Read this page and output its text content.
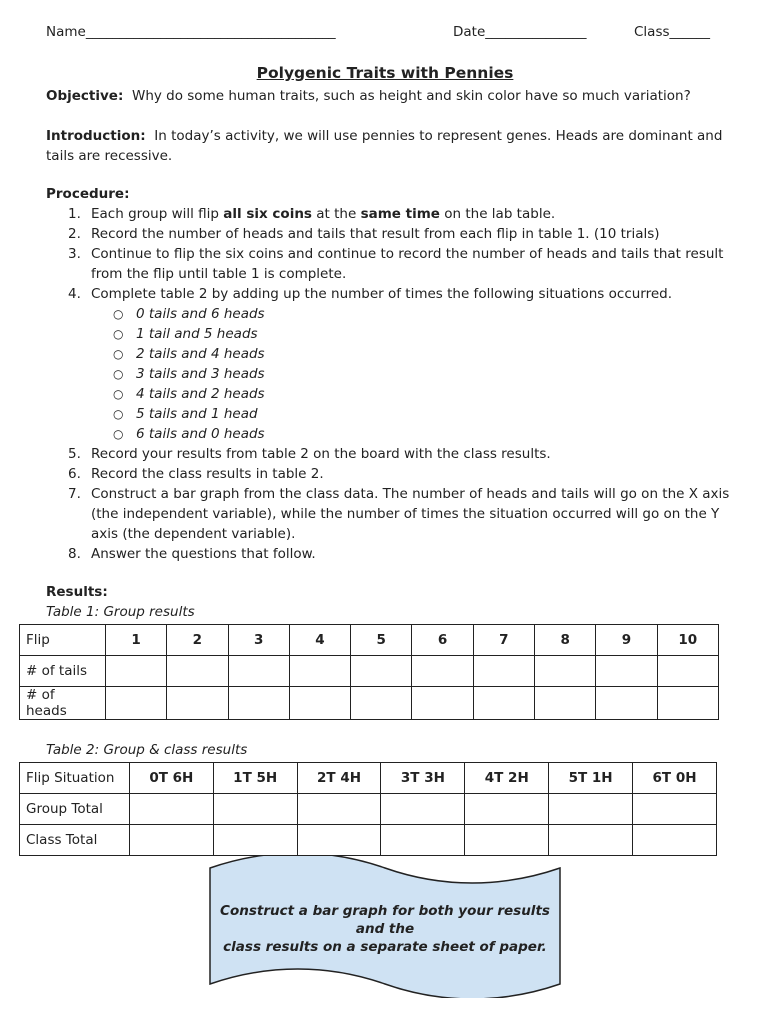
Name_____________________________________	Date_______________	Class______
Polygenic Traits with Pennies
Objective: Why do some human traits, such as height and skin color have so much variation?
Introduction: In today’s activity, we will use pennies to represent genes. Heads are dominant and tails are recessive.
Procedure:
1. Each group will flip all six coins at the same time on the lab table.
2. Record the number of heads and tails that result from each flip in table 1. (10 trials)
3. Continue to flip the six coins and continue to record the number of heads and tails that result from the flip until table 1 is complete.
4. Complete table 2 by adding up the number of times the following situations occurred.
○ 0 tails and 6 heads
○ 1 tail and 5 heads
○ 2 tails and 4 heads
○ 3 tails and 3 heads
○ 4 tails and 2 heads
○ 5 tails and 1 head
○ 6 tails and 0 heads
5. Record your results from table 2 on the board with the class results.
6. Record the class results in table 2.
7. Construct a bar graph from the class data. The number of heads and tails will go on the X axis (the independent variable), while the number of times the situation occurred will go on the Y axis (the dependent variable).
8. Answer the questions that follow.
Results:
Table 1: Group results
Flip	1	2	3	4	5	6	7	8	9	10
# of tails										
# of heads										
Table 2: Group & class results
Flip Situation	0T 6H	1T 5H	2T 4H	3T 3H	4T 2H	5T 1H	6T 0H
Group Total							
Class Total							
Construct a bar graph for both your results
and the
class results on a separate sheet of paper.
